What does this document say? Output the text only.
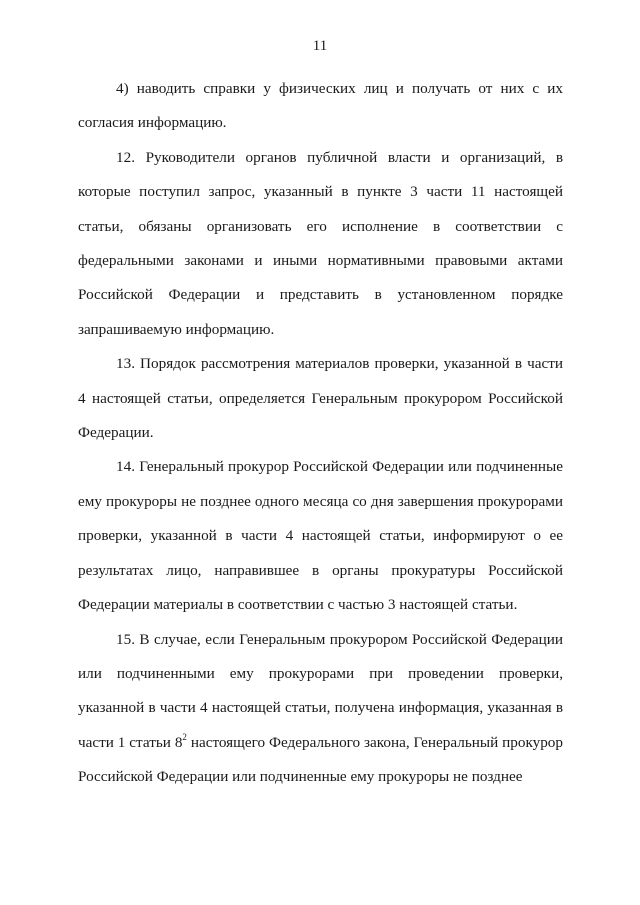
11

4) наводить справки у физических лиц и получать от них с их согласия информацию.

12. Руководители органов публичной власти и организаций, в которые поступил запрос, указанный в пункте 3 части 11 настоящей статьи, обязаны организовать его исполнение в соответствии с федеральными законами и иными нормативными правовыми актами Российской Федерации и представить в установленном порядке запрашиваемую информацию.

13. Порядок рассмотрения материалов проверки, указанной в части 4 настоящей статьи, определяется Генеральным прокурором Российской Федерации.

14. Генеральный прокурор Российской Федерации или подчиненные ему прокуроры не позднее одного месяца со дня завершения прокурорами проверки, указанной в части 4 настоящей статьи, информируют о ее результатах лицо, направившее в органы прокуратуры Российской Федерации материалы в соответствии с частью 3 настоящей статьи.

15. В случае, если Генеральным прокурором Российской Федерации или подчиненными ему прокурорами при проведении проверки, указанной в части 4 настоящей статьи, получена информация, указанная в части 1 статьи $8^2$ настоящего Федерального закона, Генеральный прокурор Российской Федерации или подчиненные ему прокуроры не позднее
